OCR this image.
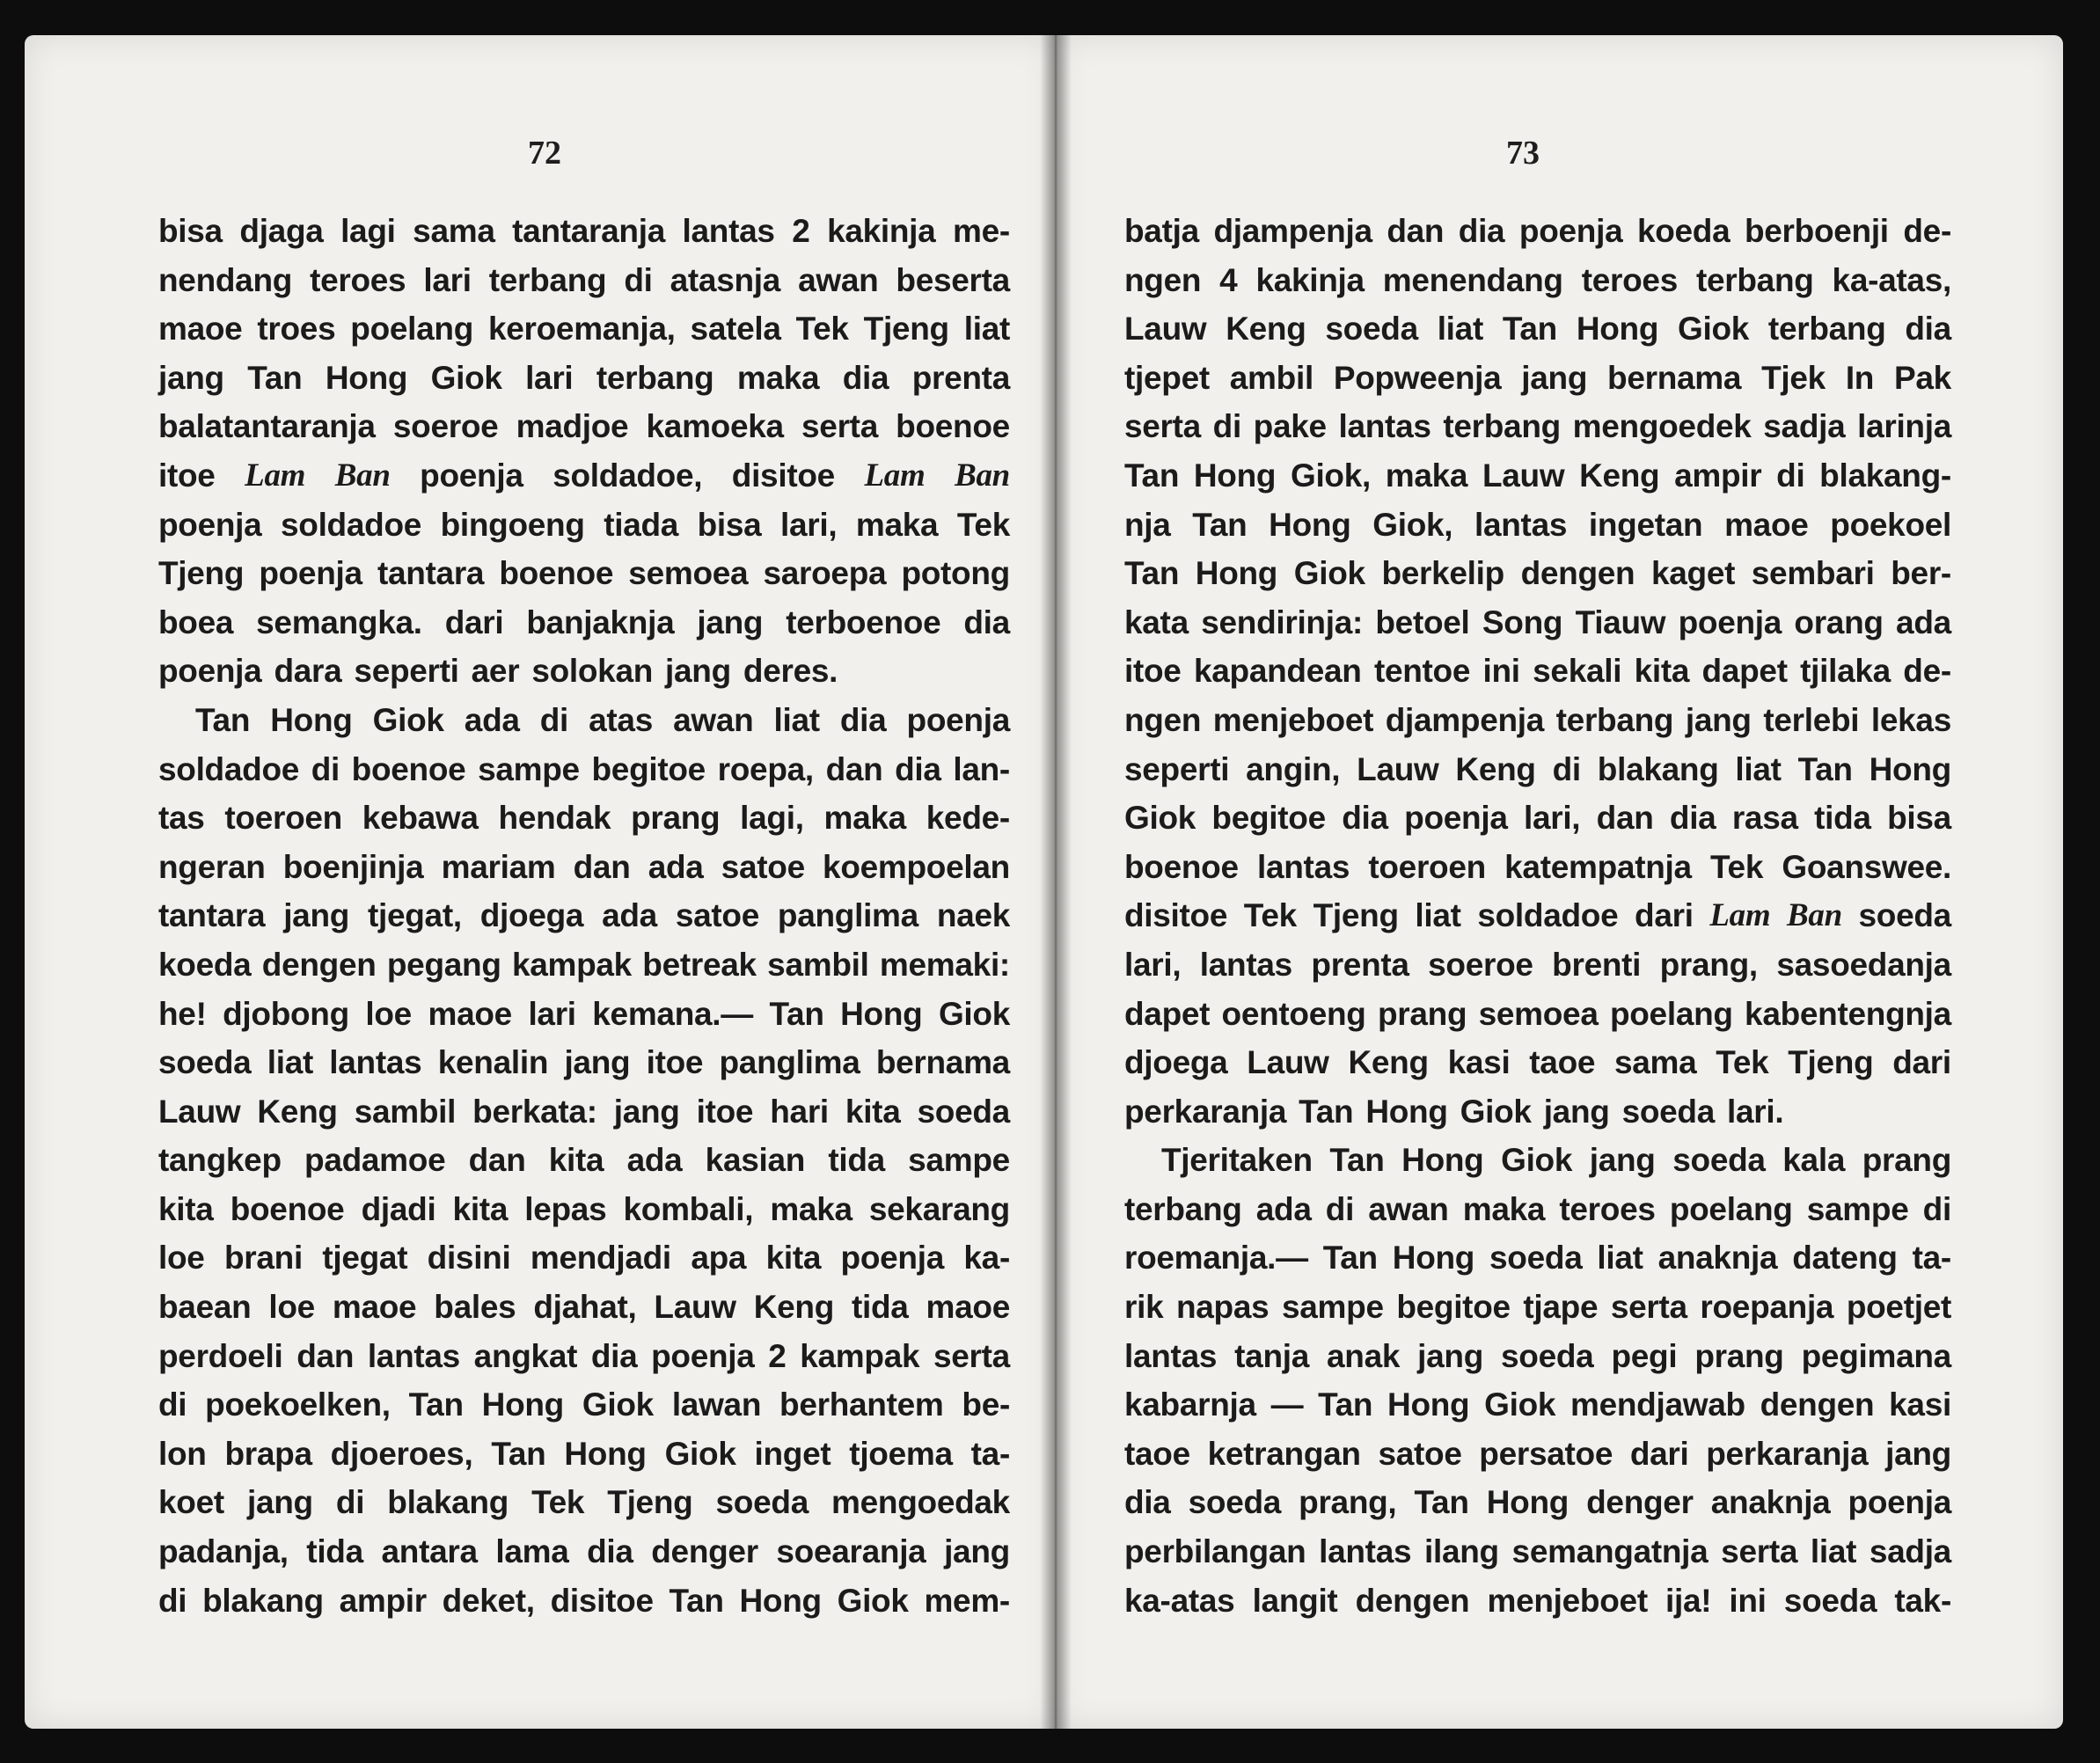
72
bisa djaga lagi sama tantaranja lantas 2 kakinja me-
nendang teroes lari terbang di atasnja awan beserta
maoe troes poelang keroemanja, satela Tek Tjeng liat
jang Tan Hong Giok lari terbang maka dia prenta
balatantaranja soeroe madjoe kamoeka serta boenoe
itoe Lam Ban poenja soldadoe, disitoe Lam Ban
poenja soldadoe bingoeng tiada bisa lari, maka Tek
Tjeng poenja tantara boenoe semoea saroepa potong
boea semangka. dari banjaknja jang terboenoe dia
poenja dara seperti aer solokan jang deres.
Tan Hong Giok ada di atas awan liat dia poenja
soldadoe di boenoe sampe begitoe roepa, dan dia lan-
tas toeroen kebawa hendak prang lagi, maka kede-
ngeran boenjinja mariam dan ada satoe koempoelan
tantara jang tjegat, djoega ada satoe panglima naek
koeda dengen pegang kampak betreak sambil memaki:
he! djobong loe maoe lari kemana.— Tan Hong Giok
soeda liat lantas kenalin jang itoe panglima bernama
Lauw Keng sambil berkata: jang itoe hari kita soeda
tangkep padamoe dan kita ada kasian tida sampe
kita boenoe djadi kita lepas kombali, maka sekarang
loe brani tjegat disini mendjadi apa kita poenja ka-
baean loe maoe bales djahat, Lauw Keng tida maoe
perdoeli dan lantas angkat dia poenja 2 kampak serta
di poekoelken, Tan Hong Giok lawan berhantem be-
lon brapa djoeroes, Tan Hong Giok inget tjoema ta-
koet jang di blakang Tek Tjeng soeda mengoedak
padanja, tida antara lama dia denger soearanja jang
di blakang ampir deket, disitoe Tan Hong Giok mem-
73
batja djampenja dan dia poenja koeda berboenji de-
ngen 4 kakinja menendang teroes terbang ka-atas,
Lauw Keng soeda liat Tan Hong Giok terbang dia
tjepet ambil Popweenja jang bernama Tjek In Pak
serta di pake lantas terbang mengoedek sadja larinja
Tan Hong Giok, maka Lauw Keng ampir di blakang-
nja Tan Hong Giok, lantas ingetan maoe poekoel
Tan Hong Giok berkelip dengen kaget sembari ber-
kata sendirinja: betoel Song Tiauw poenja orang ada
itoe kapandean tentoe ini sekali kita dapet tjilaka de-
ngen menjeboet djampenja terbang jang terlebi lekas
seperti angin, Lauw Keng di blakang liat Tan Hong
Giok begitoe dia poenja lari, dan dia rasa tida bisa
boenoe lantas toeroen katempatnja Tek Goanswee.
disitoe Tek Tjeng liat soldadoe dari Lam Ban soeda
lari, lantas prenta soeroe brenti prang, sasoedanja
dapet oentoeng prang semoea poelang kabentengnja
djoega Lauw Keng kasi taoe sama Tek Tjeng dari
perkaranja Tan Hong Giok jang soeda lari.
Tjeritaken Tan Hong Giok jang soeda kala prang
terbang ada di awan maka teroes poelang sampe di
roemanja.— Tan Hong soeda liat anaknja dateng ta-
rik napas sampe begitoe tjape serta roepanja poetjet
lantas tanja anak jang soeda pegi prang pegimana
kabarnja — Tan Hong Giok mendjawab dengen kasi
taoe ketrangan satoe persatoe dari perkaranja jang
dia soeda prang, Tan Hong denger anaknja poenja
perbilangan lantas ilang semangatnja serta liat sadja
ka-atas langit dengen menjeboet ija! ini soeda tak-
